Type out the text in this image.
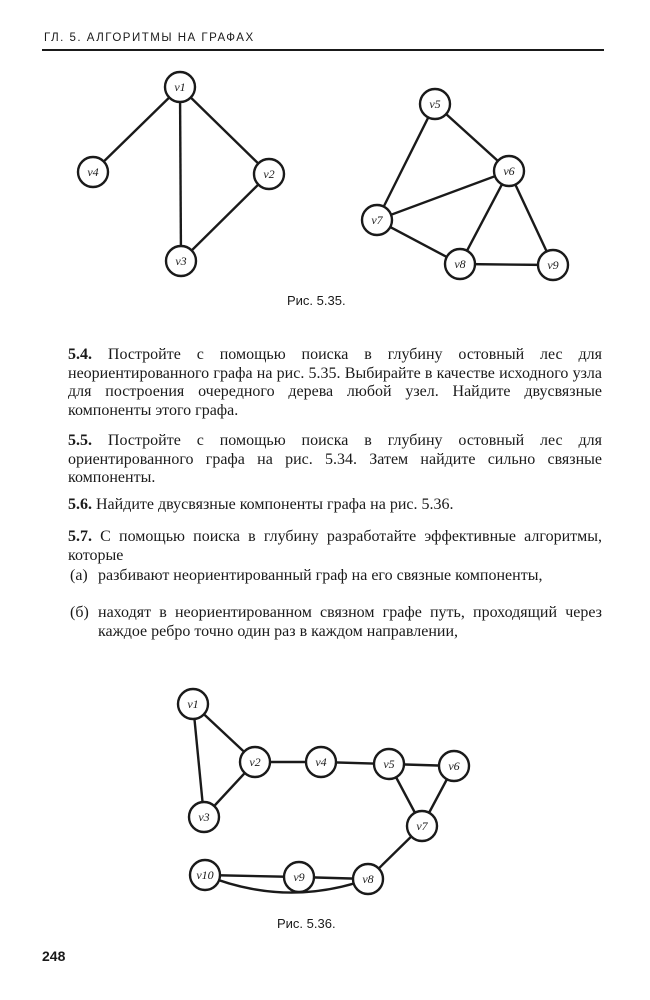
ГЛ. 5. АЛГОРИТМЫ НА ГРАФАХ
v1
v2
v3
v4
v5
v6
v7
v8	v9
Рис. 5.35.
5.4. Постройте с помощью поиска в глубину остовный лес для неориентированного графа на рис. 5.35. Выбирайте в качестве исходного узла для построения очередного дерева любой узел. Найдите двусвязные компоненты этого графа.
5.5. Постройте с помощью поиска в глубину остовный лес для ориентированного графа на рис. 5.34. Затем найдите сильно связные компоненты.
5.6. Найдите двусвязные компоненты графа на рис. 5.36.
5.7. С помощью поиска в глубину разработайте эффективные алгоритмы, которые
(а) разбивают неориентированный граф на его связные компоненты,
(б) находят в неориентированном связном графе путь, проходящий через каждое ребро точно один раз в каждом направлении,
v1
v2
v3
v4	v5	v6
v7
v8
v9
v10
Рис. 5.36.
248
